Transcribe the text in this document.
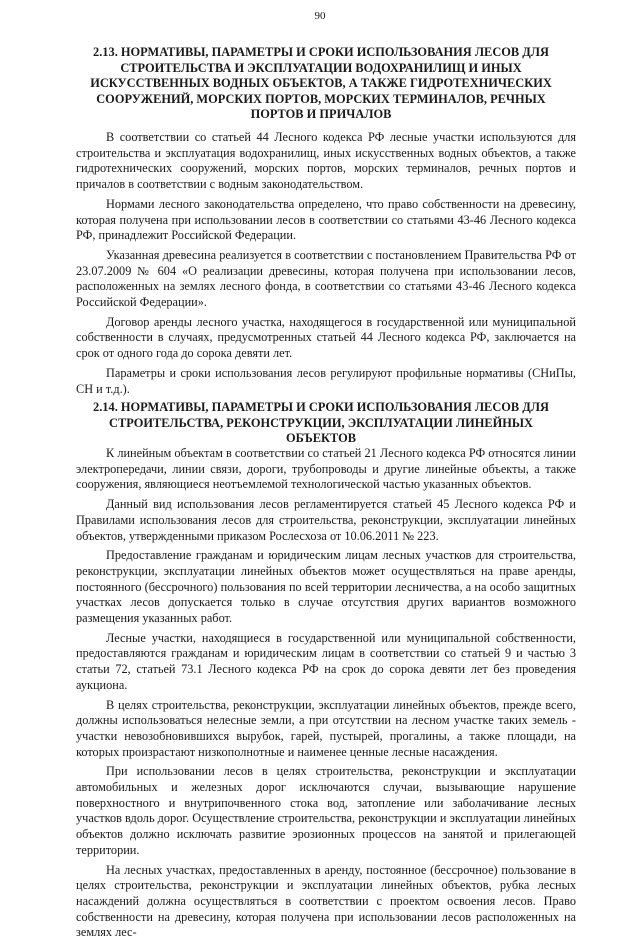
90
2.13. НОРМАТИВЫ, ПАРАМЕТРЫ И СРОКИ ИСПОЛЬЗОВАНИЯ ЛЕСОВ ДЛЯ СТРОИТЕЛЬСТВА И ЭКСПЛУАТАЦИИ ВОДОХРАНИЛИЩ И ИНЫХ ИСКУССТВЕННЫХ ВОДНЫХ ОБЪЕКТОВ, А ТАКЖЕ ГИДРОТЕХНИЧЕСКИХ СООРУЖЕНИЙ, МОРСКИХ ПОРТОВ, МОРСКИХ ТЕРМИНАЛОВ, РЕЧНЫХ ПОРТОВ И ПРИЧАЛОВ

В соответствии со статьей 44 Лесного кодекса РФ лесные участки используются для строительства и эксплуатация водохранилищ, иных искусственных водных объектов, а также гидротехнических сооружений, морских портов, морских терминалов, речных портов и причалов в соответствии с водным законодательством.

Нормами лесного законодательства определено, что право собственности на древесину, которая получена при использовании лесов в соответствии со статьями 43-46 Лесного кодекса РФ, принадлежит Российской Федерации.

Указанная древесина реализуется в соответствии с постановлением Правительства РФ от 23.07.2009 № 604 «О реализации древесины, которая получена при использовании лесов, расположенных на землях лесного фонда, в соответствии со статьями 43-46 Лесного кодекса Российской Федерации».

Договор аренды лесного участка, находящегося в государственной или муниципальной собственности в случаях, предусмотренных статьей 44 Лесного кодекса РФ, заключается на срок от одного года до сорока девяти лет.

Параметры и сроки использования лесов регулируют профильные нормативы (СНиПы, СН и т.д.).

2.14. НОРМАТИВЫ, ПАРАМЕТРЫ И СРОКИ ИСПОЛЬЗОВАНИЯ ЛЕСОВ ДЛЯ СТРОИТЕЛЬСТВА, РЕКОНСТРУКЦИИ, ЭКСПЛУАТАЦИИ ЛИНЕЙНЫХ ОБЪЕКТОВ

К линейным объектам в соответствии со статьей 21 Лесного кодекса РФ относятся линии электропередачи, линии связи, дороги, трубопроводы и другие линейные объекты, а также сооружения, являющиеся неотъемлемой технологической частью указанных объектов.

Данный вид использования лесов регламентируется статьей 45 Лесного кодекса РФ и Правилами использования лесов для строительства, реконструкции, эксплуатации линейных объектов, утвержденными приказом Рослесхоза от 10.06.2011 № 223.

Предоставление гражданам и юридическим лицам лесных участков для строительства, реконструкции, эксплуатации линейных объектов может осуществляться на праве аренды, постоянного (бессрочного) пользования по всей территории лесничества, а на особо защитных участках лесов допускается только в случае отсутствия других вариантов возможного размещения указанных работ.

Лесные участки, находящиеся в государственной или муниципальной собственности, предоставляются гражданам и юридическим лицам в соответствии со статьей 9 и частью 3 статьи 72, статьей 73.1 Лесного кодекса РФ на срок до сорока девяти лет без проведения аукциона.

В целях строительства, реконструкции, эксплуатации линейных объектов, прежде всего, должны использоваться нелесные земли, а при отсутствии на лесном участке таких земель - участки невозобновившихся вырубок, гарей, пустырей, прогалины, а также площади, на которых произрастают низкополнотные и наименее ценные лесные насаждения.

При использовании лесов в целях строительства, реконструкции и эксплуатации автомобильных и железных дорог исключаются случаи, вызывающие нарушение поверхностного и внутрипочвенного стока вод, затопление или заболачивание лесных участков вдоль дорог. Осуществление строительства, реконструкции и эксплуатации линейных объектов должно исключать развитие эрозионных процессов на занятой и прилегающей территории.

На лесных участках, предоставленных в аренду, постоянное (бессрочное) пользование в целях строительства, реконструкции и эксплуатации линейных объектов, рубка лесных насаждений должна осуществляться в соответствии с проектом освоения лесов. Право собственности на древесину, которая получена при использовании лесов расположенных на землях лес-
